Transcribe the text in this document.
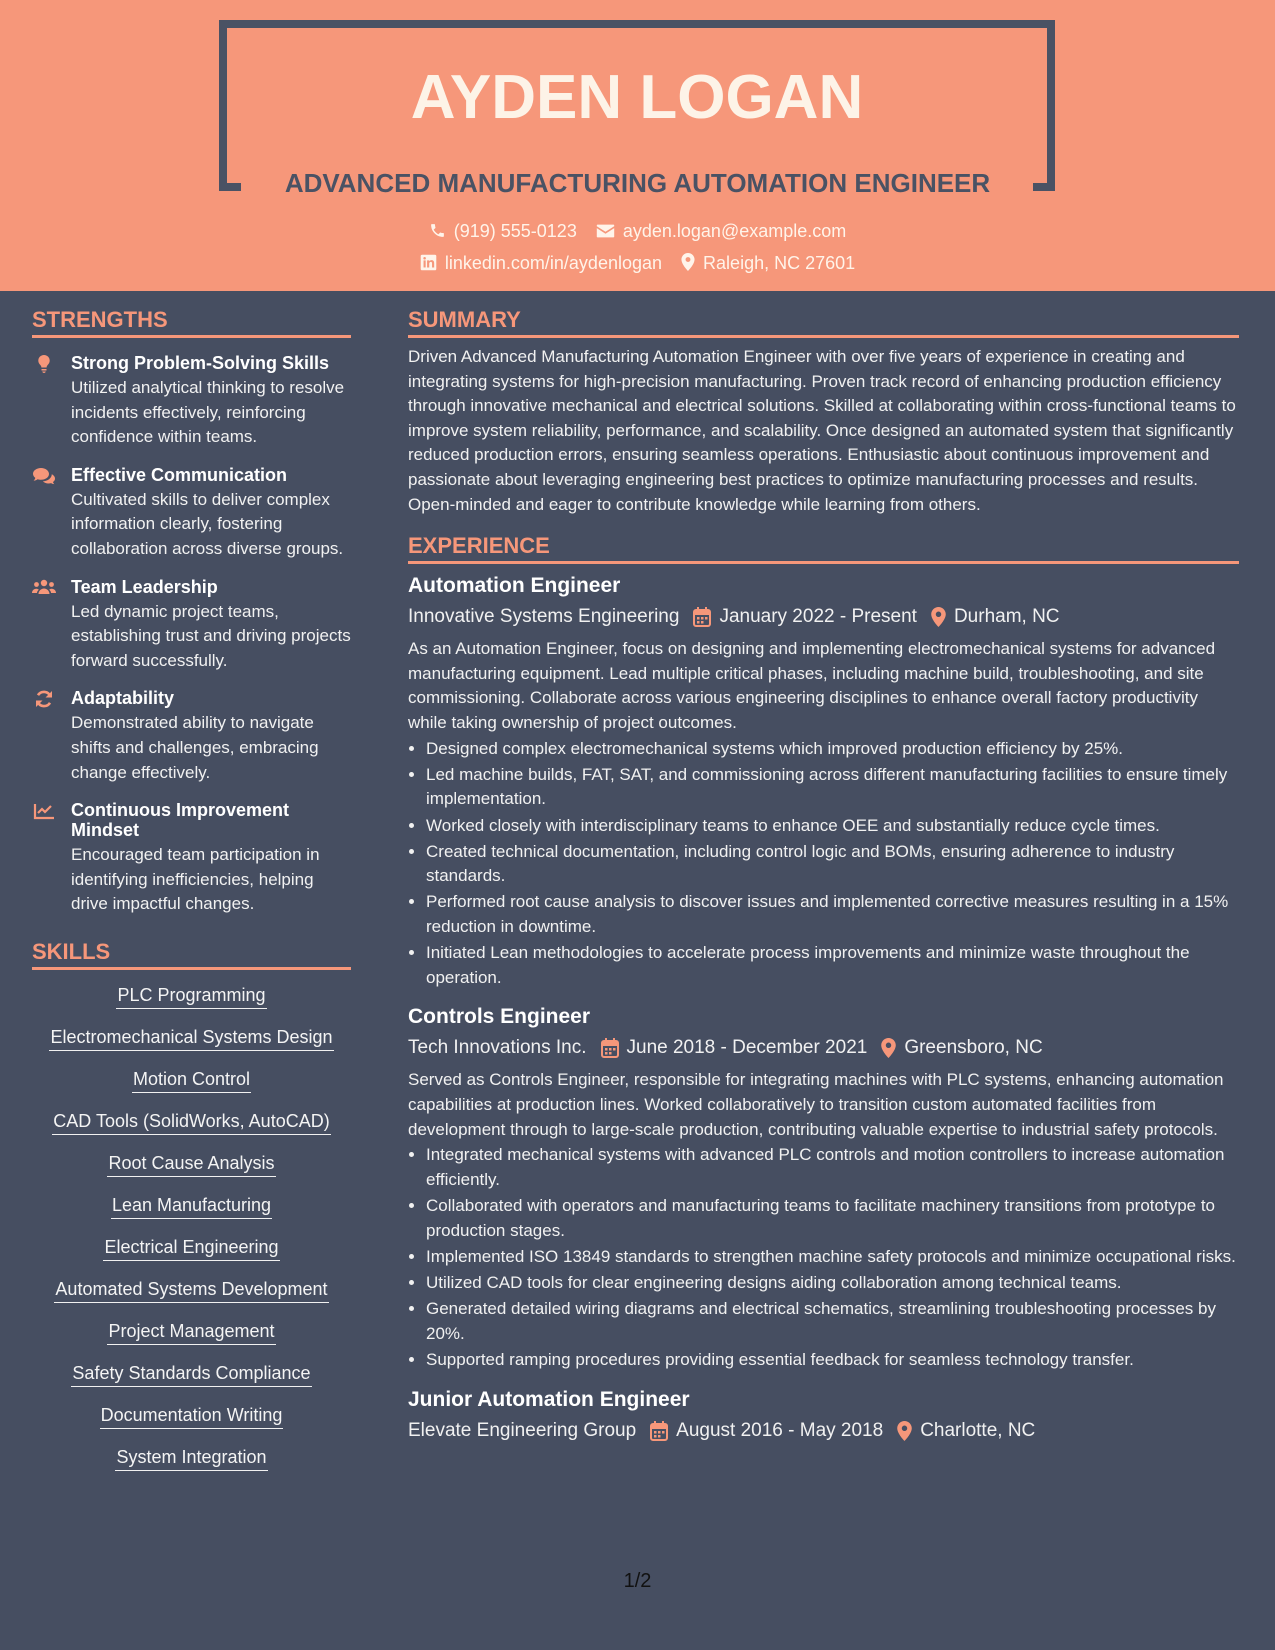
AYDEN LOGAN
ADVANCED MANUFACTURING AUTOMATION ENGINEER
(919) 555-0123	ayden.logan@example.com
linkedin.com/in/aydenlogan Raleigh, NC 27601
STRENGTHS
Strong Problem-Solving Skills
Utilized analytical thinking to resolve incidents effectively, reinforcing confidence within teams.
Effective Communication
Cultivated skills to deliver complex information clearly, fostering collaboration across diverse groups.
Team Leadership
Led dynamic project teams, establishing trust and driving projects forward successfully.
Adaptability
Demonstrated ability to navigate shifts and challenges, embracing change effectively.
Continuous Improvement Mindset
Encouraged team participation in identifying inefficiencies, helping drive impactful changes.
SKILLS
PLC Programming
Electromechanical Systems Design
Motion Control
CAD Tools (SolidWorks, AutoCAD)
Root Cause Analysis
Lean Manufacturing
Electrical Engineering
Automated Systems Development
Project Management
Safety Standards Compliance
Documentation Writing
System Integration
SUMMARY
Driven Advanced Manufacturing Automation Engineer with over five years of experience in creating and integrating systems for high-precision manufacturing. Proven track record of enhancing production efficiency through innovative mechanical and electrical solutions. Skilled at collaborating within cross-functional teams to improve system reliability, performance, and scalability. Once designed an automated system that significantly reduced production errors, ensuring seamless operations. Enthusiastic about continuous improvement and passionate about leveraging engineering best practices to optimize manufacturing processes and results. Open-minded and eager to contribute knowledge while learning from others.
EXPERIENCE
Automation Engineer
Innovative Systems Engineering January 2022 - Present Durham, NC
As an Automation Engineer, focus on designing and implementing electromechanical systems for advanced manufacturing equipment. Lead multiple critical phases, including machine build, troubleshooting, and site commissioning. Collaborate across various engineering disciplines to enhance overall factory productivity while taking ownership of project outcomes.
• Designed complex electromechanical systems which improved production efficiency by 25%.
• Led machine builds, FAT, SAT, and commissioning across different manufacturing facilities to ensure timely implementation.
• Worked closely with interdisciplinary teams to enhance OEE and substantially reduce cycle times.
• Created technical documentation, including control logic and BOMs, ensuring adherence to industry standards.
• Performed root cause analysis to discover issues and implemented corrective measures resulting in a 15% reduction in downtime.
• Initiated Lean methodologies to accelerate process improvements and minimize waste throughout the operation.
Controls Engineer
Tech Innovations Inc. June 2018 - December 2021 Greensboro, NC
Served as Controls Engineer, responsible for integrating machines with PLC systems, enhancing automation capabilities at production lines. Worked collaboratively to transition custom automated facilities from development through to large-scale production, contributing valuable expertise to industrial safety protocols.
• Integrated mechanical systems with advanced PLC controls and motion controllers to increase automation efficiently.
• Collaborated with operators and manufacturing teams to facilitate machinery transitions from prototype to production stages.
• Implemented ISO 13849 standards to strengthen machine safety protocols and minimize occupational risks.
• Utilized CAD tools for clear engineering designs aiding collaboration among technical teams.
• Generated detailed wiring diagrams and electrical schematics, streamlining troubleshooting processes by 20%.
• Supported ramping procedures providing essential feedback for seamless technology transfer.
Junior Automation Engineer
Elevate Engineering Group August 2016 - May 2018 Charlotte, NC
1/2
